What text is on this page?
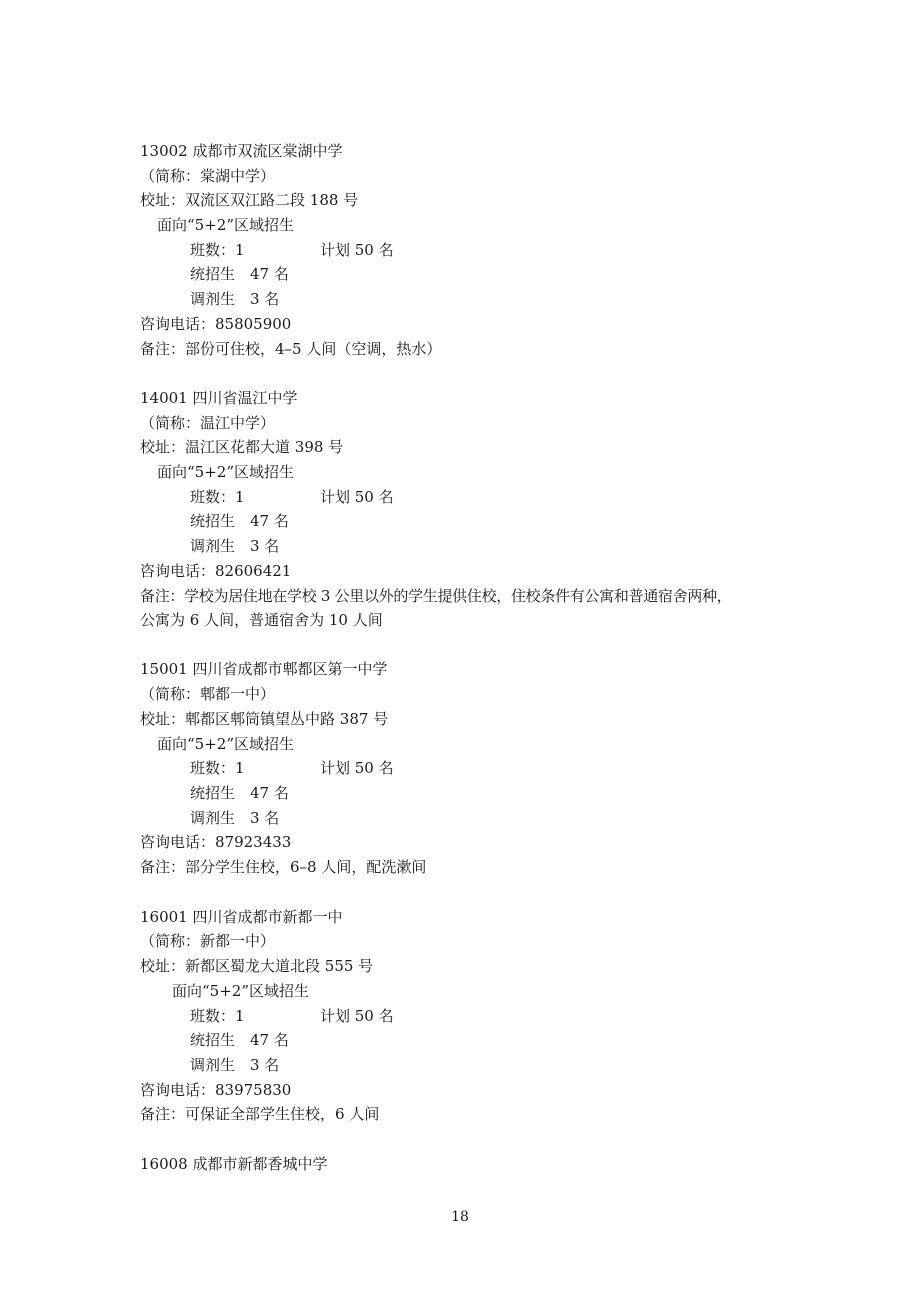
13002 成都市双流区棠湖中学
（简称：棠湖中学）
校址：双流区双江路二段 188 号
面向“5+2”区域招生
班数：1	计划 50 名
统招生　47 名
调剂生　3 名
咨询电话：85805900
备注：部份可住校，4–5 人间（空调，热水）
14001 四川省温江中学
（简称：温江中学）
校址：温江区花都大道 398 号
面向“5+2”区域招生
班数：1	计划 50 名
统招生　47 名
调剂生　3 名
咨询电话：82606421
备注：学校为居住地在学校 3 公里以外的学生提供住校，住校条件有公寓和普通宿舍两种，
公寓为 6 人间，普通宿舍为 10 人间
15001 四川省成都市郫都区第一中学
（简称：郫都一中）
校址：郫都区郫筒镇望丛中路 387 号
面向“5+2”区域招生
班数：1	计划 50 名
统招生　47 名
调剂生　3 名
咨询电话：87923433
备注：部分学生住校，6–8 人间，配洗漱间
16001 四川省成都市新都一中
（简称：新都一中）
校址：新都区蜀龙大道北段 555 号
面向“5+2”区域招生
班数：1	计划 50 名
统招生　47 名
调剂生　3 名
咨询电话：83975830
备注：可保证全部学生住校，6 人间
16008 成都市新都香城中学
18
